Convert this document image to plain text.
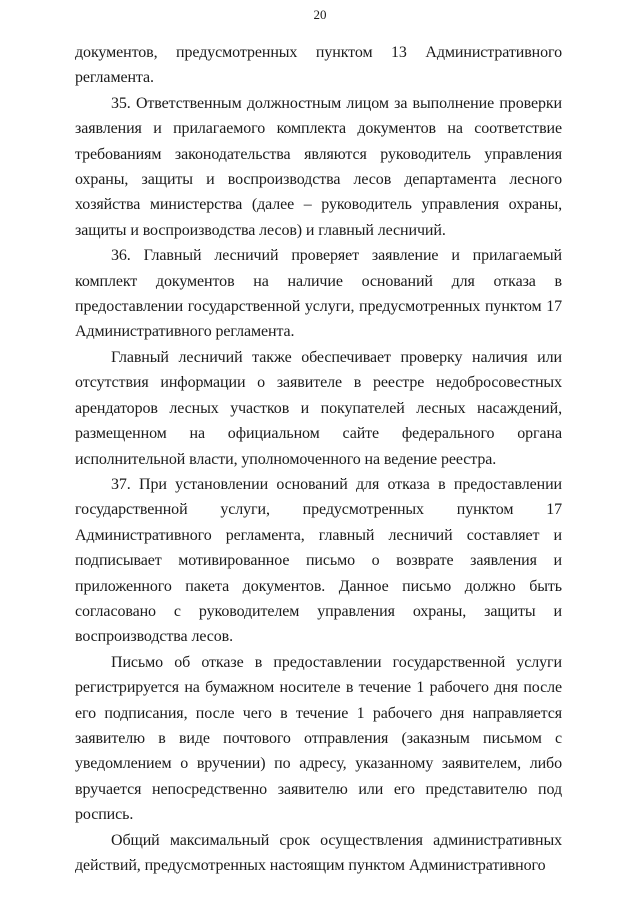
20

документов, предусмотренных пунктом 13 Административного регламента.

35. Ответственным должностным лицом за выполнение проверки заявления и прилагаемого комплекта документов на соответствие требованиям законодательства являются руководитель управления охраны, защиты и воспроизводства лесов департамента лесного хозяйства министерства (далее – руководитель управления охраны, защиты и воспроизводства лесов) и главный лесничий.

36. Главный лесничий проверяет заявление и прилагаемый комплект документов на наличие оснований для отказа в предоставлении государственной услуги, предусмотренных пунктом 17 Административного регламента.

Главный лесничий также обеспечивает проверку наличия или отсутствия информации о заявителе в реестре недобросовестных арендаторов лесных участков и покупателей лесных насаждений, размещенном на официальном сайте федерального органа исполнительной власти, уполномоченного на ведение реестра.

37. При установлении оснований для отказа в предоставлении государственной услуги, предусмотренных пунктом 17 Административного регламента, главный лесничий составляет и подписывает мотивированное письмо о возврате заявления и приложенного пакета документов. Данное письмо должно быть согласовано с руководителем управления охраны, защиты и воспроизводства лесов.

Письмо об отказе в предоставлении государственной услуги регистрируется на бумажном носителе в течение 1 рабочего дня после его подписания, после чего в течение 1 рабочего дня направляется заявителю в виде почтового отправления (заказным письмом с уведомлением о вручении) по адресу, указанному заявителем, либо вручается непосредственно заявителю или его представителю под роспись.

Общий максимальный срок осуществления административных действий, предусмотренных настоящим пунктом Административного
